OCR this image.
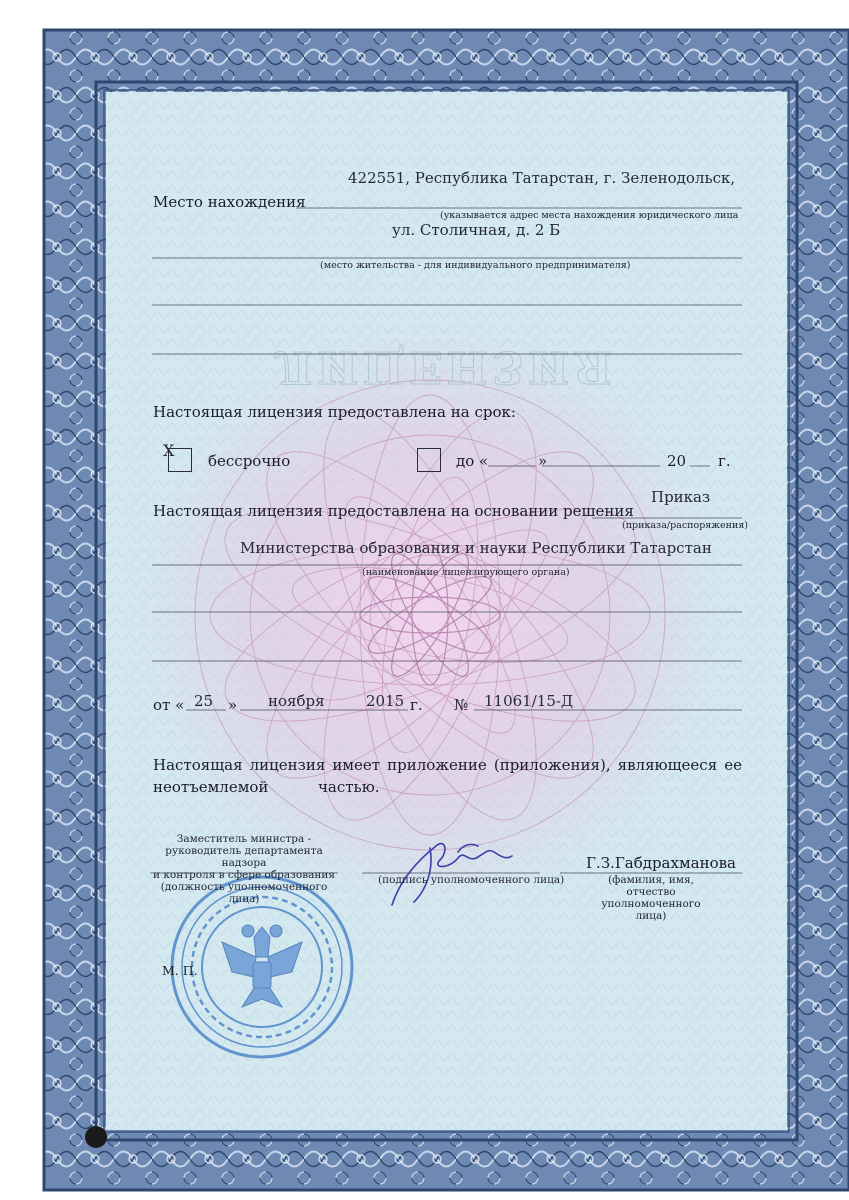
ЛИЦЕНЗИЯ
Место нахождения
422551, Республика Татарстан, г. Зеленодольск,
(указывается адрес места нахождения юридического лица
ул. Столичная, д. 2 Б
(место жительства - для индивидуального предпринимателя)
Настоящая лицензия предоставлена на срок:
X
бессрочно	до «	»	20 г.
Настоящая лицензия предоставлена на основании решения
Приказ
(приказа/распоряжения)
Министерства образования и науки Республики Татарстан
(наименование лицензирующего органа)
от « 25 » ноября	2015 г. № 11061/15-Д
Настоящая лицензия имеет приложение (приложения), являющееся ее
неотъемлемой	частью.
Заместитель министра -
руководитель департамента надзора
и контроля в сфере образования
(должность уполномоченного лица)
(подпись уполномоченного лица)
Г.З.Габдрахманова
(фамилия, имя, отчество
уполномоченного лица)
М. П.
